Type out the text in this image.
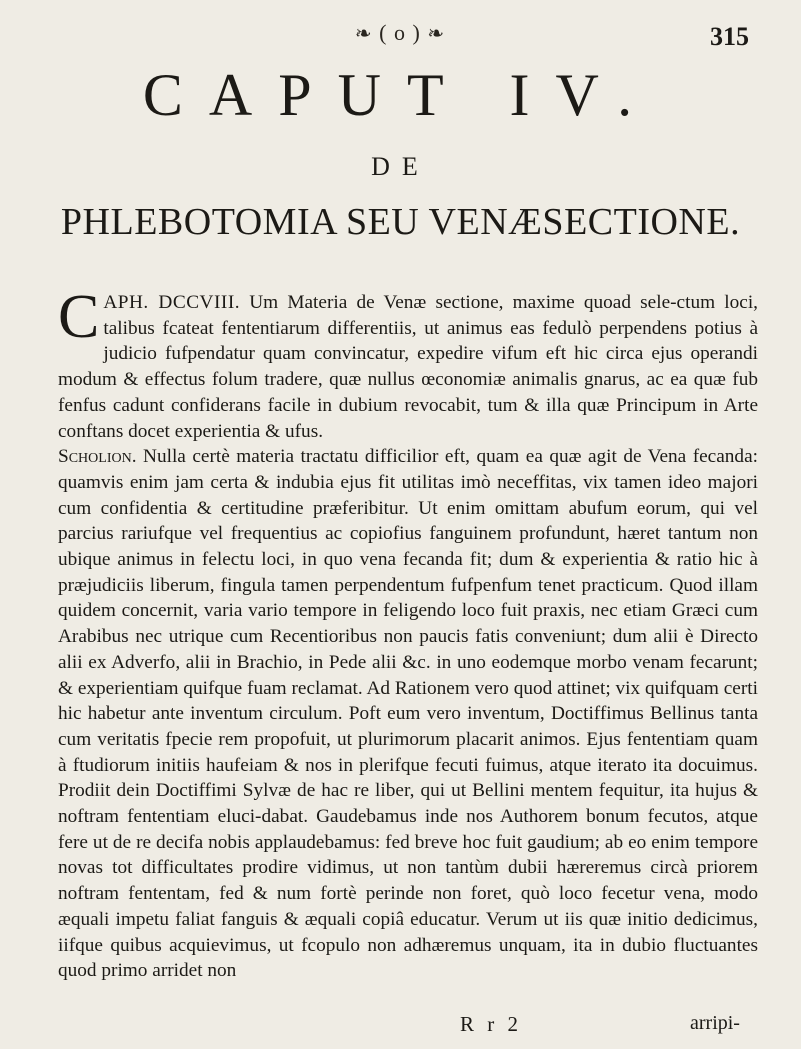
❧ ( o ) ❧	315
CAPUT IV.
DE
PHLEBOTOMIA SEU VENÆSECTIONE.

APH. DCCVIII.
C	Um Materia de Venæ sectione, maxime quoad sele-ctum loci, talibus fcateat fententiarum differentiis, ut animus eas fedulò perpendens potius à judicio fufpendatur quam convincatur, expedire vifum eft hic circa ejus operandi modum & effectus folum tradere, quæ nullus œconomiæ animalis gnarus, ac ea quæ fub fenfus cadunt confiderans facile in dubium revocabit, tum & illa quæ Principum in Arte conftans docet experientia & ufus.

Scholion. Nulla certè materia tractatu difficilior eft, quam ea quæ agit de Vena fecanda: quamvis enim jam certa & indubia ejus fit utilitas imò neceffitas, vix tamen ideo majori cum confidentia & certitudine præferibitur. Ut enim omittam abufum eorum, qui vel parcius rariufque vel frequentius ac copiofius fanguinem profundunt, hæret tantum non ubique animus in felectu loci, in quo vena fecanda fit; dum & experientia & ratio hic à præjudiciis liberum, fingula tamen perpendentum fufpenfum tenet practicum. Quod illam quidem concernit, varia vario tempore in feligendo loco fuit praxis, nec etiam Græci cum Arabibus nec utrique cum Recentioribus non paucis fatis conveniunt; dum alii è Directo alii ex Adverfo, alii in Brachio, in Pede alii &c. in uno eodemque morbo venam fecarunt; & experientiam quifque fuam reclamat. Ad Rationem vero quod attinet; vix quifquam certi hic habetur ante inventum circulum. Poft eum vero inventum, Doctiffimus Bellinus tanta cum veritatis fpecie rem propofuit, ut plurimorum placarit animos. Ejus fententiam quam à ftudiorum initiis haufeiam & nos in plerifque fecuti fuimus, atque iterato ita docuimus. Prodiit dein Doctiffimi Sylvæ de hac re liber, qui ut Bellini mentem fequitur, ita hujus & noftram fententiam eluci-dabat. Gaudebamus inde nos Authorem bonum fecutos, atque fere ut de re decifa nobis applaudebamus: fed breve hoc fuit gaudium; ab eo enim tempore novas tot difficultates prodire vidimus, ut non tantùm dubii hæreremus circà priorem noftram fententam, fed & num fortè perinde non foret, quò loco fecetur vena, modo æquali impetu faliat fanguis & æquali copiâ educatur. Verum ut iis quæ initio dedicimus, iifque quibus acquievimus, ut fcopulo non adhæremus unquam, ita in dubio fluctuantes quod primo arridet non

R r 2	arripi-
